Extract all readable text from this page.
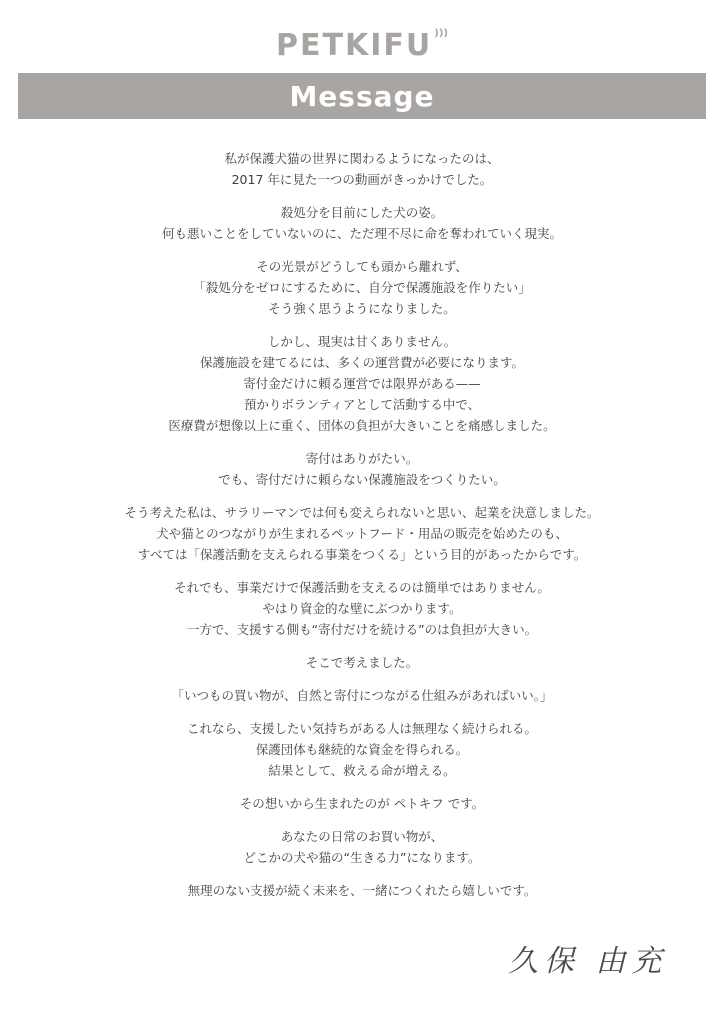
PETKIFU )))
Message
私が保護犬猫の世界に関わるようになったのは、
2017 年に見た一つの動画がきっかけでした。
殺処分を目前にした犬の姿。
何も悪いことをしていないのに、ただ理不尽に命を奪われていく現実。
その光景がどうしても頭から離れず、
「殺処分をゼロにするために、自分で保護施設を作りたい」
そう強く思うようになりました。
しかし、現実は甘くありません。
保護施設を建てるには、多くの運営費が必要になります。
寄付金だけに頼る運営では限界がある——
預かりボランティアとして活動する中で、
医療費が想像以上に重く、団体の負担が大きいことを痛感しました。
寄付はありがたい。
でも、寄付だけに頼らない保護施設をつくりたい。
そう考えた私は、サラリーマンでは何も変えられないと思い、起業を決意しました。
犬や猫とのつながりが生まれるペットフード・用品の販売を始めたのも、
すべては「保護活動を支えられる事業をつくる」という目的があったからです。
それでも、事業だけで保護活動を支えるのは簡単ではありません。
やはり資金的な壁にぶつかります。
一方で、支援する側も“寄付だけを続ける”のは負担が大きい。
そこで考えました。
「いつもの買い物が、自然と寄付につながる仕組みがあればいい。」
これなら、支援したい気持ちがある人は無理なく続けられる。
保護団体も継続的な資金を得られる。
結果として、救える命が増える。
その想いから生まれたのが ペトキフ です。
あなたの日常のお買い物が、
どこかの犬や猫の“生きる力”になります。
無理のない支援が続く未来を、一緒につくれたら嬉しいです。
久保 由充
